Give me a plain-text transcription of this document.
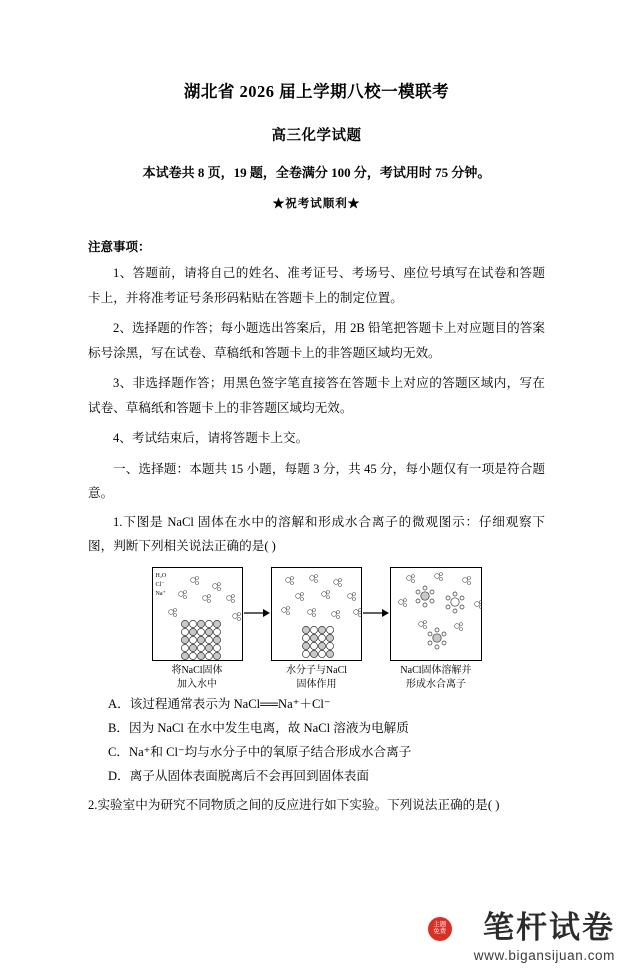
湖北省 2026 届上学期八校一模联考
高三化学试题
本试卷共 8 页，19 题，全卷满分 100 分，考试用时 75 分钟。
★祝考试顺利★
注意事项：
1、答题前，请将自己的姓名、准考证号、考场号、座位号填写在试卷和答题卡上，并将准考证号条形码粘贴在答题卡上的制定位置。
2、选择题的作答；每小题选出答案后，用 2B 铅笔把答题卡上对应题目的答案标号涂黑，写在试卷、草稿纸和答题卡上的非答题区域均无效。
3、非选择题作答；用黑色签字笔直接答在答题卡上对应的答题区域内，写在试卷、草稿纸和答题卡上的非答题区域均无效。
4、考试结束后，请将答题卡上交。
一、选择题：本题共 15 小题，每题 3 分，共 45 分，每小题仅有一项是符合题意。
1.下图是 NaCl 固体在水中的溶解和形成水合离子的微观图示：仔细观察下图，判断下列相关说法正确的是( )
H₂O
Cl⁻
Na⁺
将NaCl固体
加入水中
水分子与NaCl
固体作用
NaCl固体溶解并
形成水合离子
A．该过程通常表示为 NaCl══Na⁺＋Cl⁻
B．因为 NaCl 在水中发生电离，故 NaCl 溶液为电解质
C．Na⁺和 Cl⁻均与水分子中的氧原子结合形成水合离子
D．离子从固体表面脱离后不会再回到固体表面
2.实验室中为研究不同物质之间的反应进行如下实验。下列说法正确的是( )
主题
免费 笔杆试卷
www.bigansijuan.com
